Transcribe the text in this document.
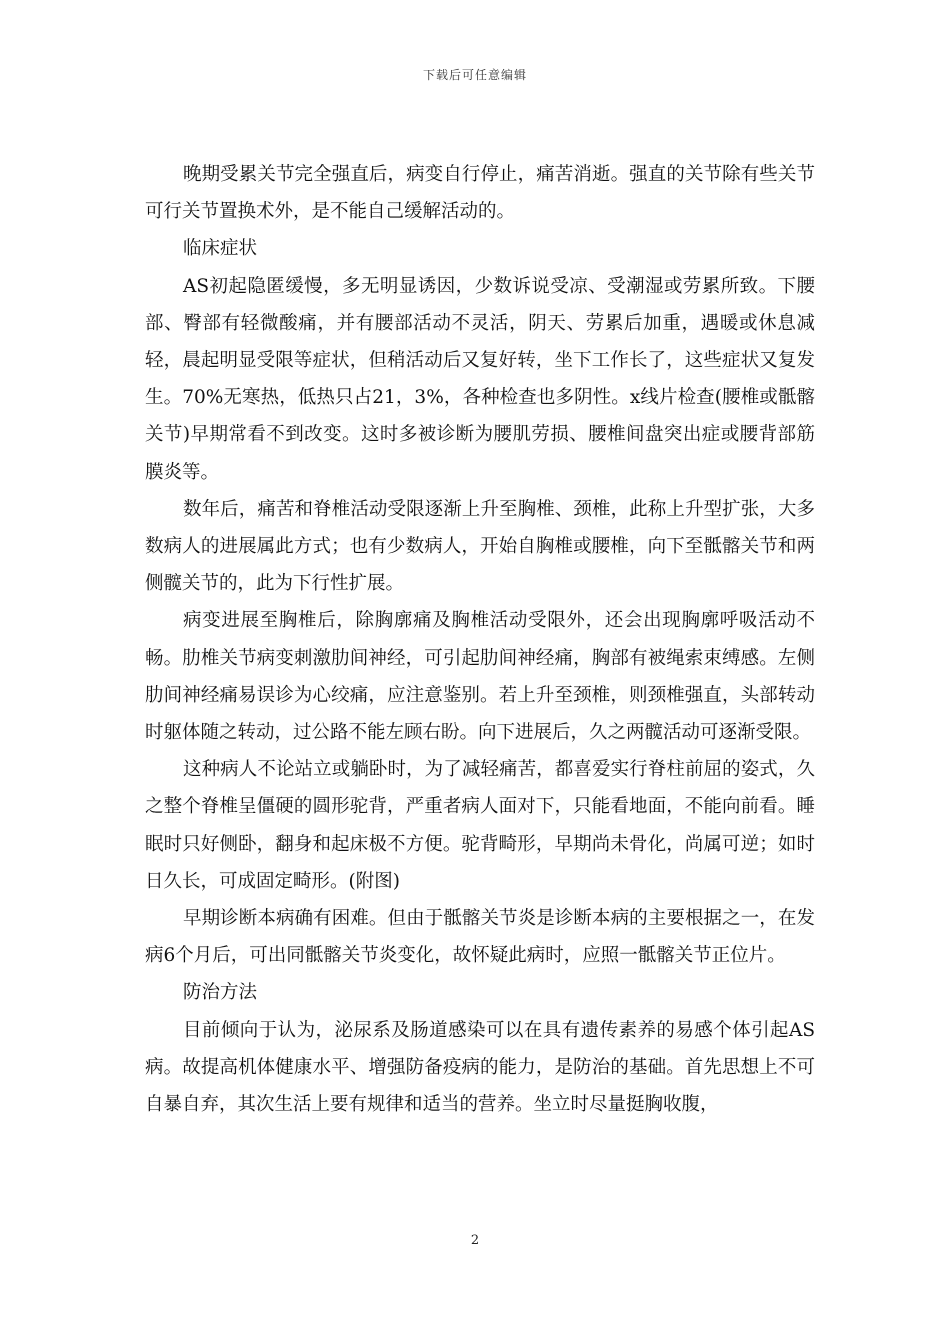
下载后可任意编辑

晚期受累关节完全强直后，病变自行停止，痛苦消逝。强直的关节除有些关节可行关节置换术外，是不能自己缓解活动的。

临床症状

AS初起隐匿缓慢，多无明显诱因，少数诉说受凉、受潮湿或劳累所致。下腰部、臀部有轻微酸痛，并有腰部活动不灵活，阴天、劳累后加重，遇暖或休息减轻，晨起明显受限等症状，但稍活动后又复好转，坐下工作长了，这些症状又复发生。70%无寒热，低热只占21，3%，各种检查也多阴性。x线片检查(腰椎或骶髂关节)早期常看不到改变。这时多被诊断为腰肌劳损、腰椎间盘突出症或腰背部筋膜炎等。

数年后，痛苦和脊椎活动受限逐渐上升至胸椎、颈椎，此称上升型扩张，大多数病人的进展属此方式；也有少数病人，开始自胸椎或腰椎，向下至骶髂关节和两侧髋关节的，此为下行性扩展。

病变进展至胸椎后，除胸廓痛及胸椎活动受限外，还会出现胸廓呼吸活动不畅。肋椎关节病变刺激肋间神经，可引起肋间神经痛，胸部有被绳索束缚感。左侧肋间神经痛易误诊为心绞痛，应注意鉴别。若上升至颈椎，则颈椎强直，头部转动时躯体随之转动，过公路不能左顾右盼。向下进展后，久之两髋活动可逐渐受限。

这种病人不论站立或躺卧时，为了减轻痛苦，都喜爱实行脊柱前屈的姿式，久之整个脊椎呈僵硬的圆形驼背，严重者病人面对下，只能看地面，不能向前看。睡眠时只好侧卧，翻身和起床极不方便。驼背畸形，早期尚未骨化，尚属可逆；如时日久长，可成固定畸形。(附图)

早期诊断本病确有困难。但由于骶髂关节炎是诊断本病的主要根据之一，在发病6个月后，可出同骶髂关节炎变化，故怀疑此病时，应照一骶髂关节正位片。

防治方法

目前倾向于认为，泌尿系及肠道感染可以在具有遗传素养的易感个体引起AS病。故提高机体健康水平、增强防备疫病的能力，是防治的基础。首先思想上不可自暴自弃，其次生活上要有规律和适当的营养。坐立时尽量挺胸收腹，

2
